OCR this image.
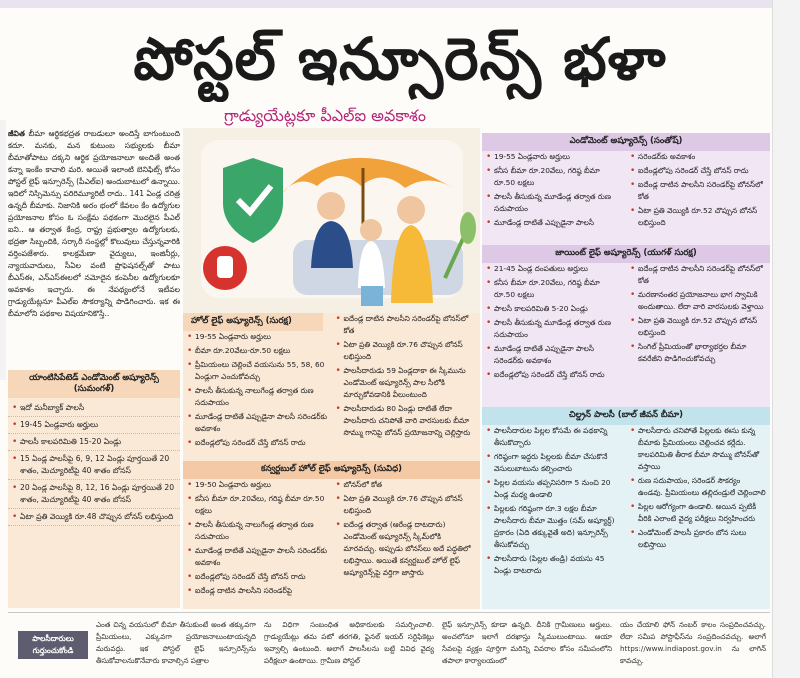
పోస్టల్ ఇన్సూరెన్స్ భళా
గ్రాడ్యుయేట్లకూ పీఎల్ఐ అవకాశం
జీవిత బీమా ఆర్థికభద్రత రాబడులూ అందిస్తే బాగుంటుంది కదూ. మనకు, మన కుటుంబ సభ్యులకు బీమా బీమాతోపాటు దక్కని ఆర్థిక ప్రయోజనాలూ అందితే అంత కన్నా ఇంకేం కావాలి మరి. అయితే ఇలాంటి బెనిఫిట్స్ కోసం పోస్టల్ లైఫ్ ఇన్సూరెన్స్ (పీఎల్ఐ) అందుబాటులో ఉన్నాయి. ఇదిలో నిస్సిమెన్సు పరిరిమ్యూరిటీ రాదు.. 141 ఏండ్ల చరిత్ర ఉన్నదీ బీమాకు. నిజానికి అరం భంలో కేవలం కేం ఉద్యోగుల ప్రయోజనాల కోసం ఓ సంక్షేమ పథకంగా మొదలైన పీఎల్ ఐని.. ఆ తర్వాత కేంద్ర, రాష్ట్ర ప్రభుత్వాల ఉద్యోగులకు, భద్రతా సిబ్బందికి, సర్కారీ సంస్థల్లో కొలువులు చేస్తున్నవారికి వర్తింపజేశారు. కాలక్రమేణా వైద్యులు, ఇంజినీర్లు, న్యాయవాదులు, సీఏల వంటి ప్రొఫెషనల్స్‌తో పాటు బీఎస్ఈ, ఎన్ఎస్ఈలలో నమోదైన కంపెనీల ఉద్యోగులకూ అవకాశం ఇచ్చారు. ఈ నేపథ్యంలోనే ఇటీవల గ్రాడ్యుయేట్లనూ పీఎల్ఐ సౌకర్యాన్ని పొడిగించారు. ఇక ఈ బీమాలోని పథకాల విషయానికొస్తే..
యాంటిసిపేటెడ్ ఎండోమెంట్ అష్యూరెన్స్ (సుమంగళ్)
• ఇదో మనీబ్యాక్ పాలసీ
• 19-45 ఏండ్లవారు అర్హులు
• పాలసీ కాలపరిమితి 15-20 ఏండ్లు
• 15 ఏండ్ల పాలసీపై 6, 9, 12 ఏండ్లు పూర్తయితే 20 శాతం, మెచ్యూరిటీపై 40 శాతం బోనస్
• 20 ఏండ్ల పాలసీపై 8, 12, 16 ఏండ్లు పూర్తయితే 20 శాతం, మెచ్యూరిటీపై 40 శాతం బోనస్
• ఏటా ప్రతి వెయ్యికి రూ.48 చొప్పున బోనస్ లభిస్తుంది
హోల్ లైఫ్ అష్యూరెన్స్ (సురక్ష)
• 19-55 ఏండ్లవారు అర్హులు
• బీమా రూ.20వేలు-రూ.50 లక్షలు
• ప్రీమియంలు చెల్లించే వయసును 55, 58, 60 ఏండ్లుగా ఎంచుకోవచ్చు
• పాలసీ తీసుకున్న నాలుగేండ్ల తర్వాత రుణ సదుపాయం
• మూడేండ్ల దాటితే ఎప్పుడైనా పాలసీ సరెండర్‌కు అవకాశం
• ఐదేండ్లలోపు సరెండర్ చేస్తే బోనస్ రాదు
• ఐదేండ్ల దాటిన పాలసీని సరెండర్‌పై బోనస్‌లో కోత
• ఏటా ప్రతి వెయ్యికి రూ.76 చొప్పున బోనస్ లభిస్తుంది
• పాలసీదారుడు 59 ఏండ్లదాకా ఈ స్కీమును ఎండోమెంట్ అష్యూరెన్స్ పాల సీలోకి మార్చుకోవడానికి వీలుంటుంది
• పాలసీదారుడు 80 ఏండ్లు దాటితే లేదా పాలసీదారు చనిపోతే వారి వారసులకు బీమా సొమ్ము గానిపై బోనస్ ప్రయోజనాన్ని చెల్లిస్తారు
కన్వర్టబుల్ హోల్ లైఫ్ అష్యూరెన్స్ (సువిధ)
• 19-50 ఏండ్లవారు అర్హులు
• కనీస బీమా రూ.20వేలు, గరిష్ఠ బీమా రూ.50 లక్షలు
• పాలసీ తీసుకున్న నాలుగేండ్ల తర్వాత రుణ సదుపాయం
• మూడేండ్ల దాటితే ఎప్పుడైనా పాలసీ సరెండర్‌కు అవకాశం
• ఐదేండ్లలోపు సరెండర్ చేస్తే బోనస్ రాదు
• ఐదేండ్ల దాటిన పాలసీని సరెండర్‌పై
• బోనస్‌లో కోత
• ఏటా ప్రతి వెయ్యికి రూ.76 చొప్పున బోనస్ లభిస్తుంది
• ఐదేండ్ల తర్వాత (ఆరేండ్ల దాటదారు) ఎండోమెంట్ అష్యూరెన్స్ స్కీమ్‌లోకి మారవచ్చు. అప్పుడు బోనస్‌లు అదే పద్ధతిలో లభిస్తాయి. అయితే కన్వర్టబుల్ హోల్ లైఫ్ అష్యూరెన్స్‌పై వర్తిగా జాస్తారు
ఎండోమెంట్ అష్యూరెన్స్ (సంతోష్)
• 19-55 ఏండ్లవారు అర్హులు
• కనీస బీమా రూ.20వేలు, గరిష్ఠ బీమా రూ.50 లక్షలు
• పాలసీ తీసుకున్న మూడేండ్ల తర్వాత రుణ సదుపాయం
• మూడేండ్ల దాటితే ఎప్పుడైనా పాలసీ
• సరెండర్‌కు అవకాశం
• ఐదేండ్లలోపు సరెండర్ చేస్తే బోనస్ రాదు
• ఐదేండ్ల దాటిన పాలసీని సరెండర్‌పై బోనస్‌లో కోత
• ఏటా ప్రతి వెయ్యికి రూ.52 చొప్పున బోనస్ లభిస్తుంది
జాయింట్ లైఫ్ అష్యూరెన్స్ (యుగళ్ సురక్ష)
• 21-45 ఏండ్ల దంపతులు అర్హులు
• కనీస బీమా రూ.20వేలు, గరిష్ఠ బీమా రూ.50 లక్షలు
• పాలసీ కాలపరిమితి 5-20 ఏండ్లు
• పాలసీ తీసుకున్న మూడేండ్ల తర్వాత రుణ సదుపాయం
• మూడేండ్ల దాటితే ఎప్పుడైనా పాలసీ సరెండర్‌కు అవకాశం
• ఐదేండ్లలోపు సరెండర్ చేస్తే బోనస్ రాదు
• ఐదేండ్ల దాటిన పాలసీని సరెండర్‌పై బోనస్‌లో కోత
• మరణానంతర ప్రయోజనాలు భాగ స్వామికి అందుతాయి. లేదా వారి వారసులకు వెళ్తాయి
• ఏటా ప్రతి వెయ్యికి రూ.52 చొప్పున బోనస్ లభిస్తుంది
• సింగిల్ ప్రీమియంతో భార్యాభర్తల బీమా కవరేజీని పొడిగించుకోవచ్చు
చిల్డ్రన్ పాలసీ (బాల్ జీవన్ బీమా)
• పాలసీదారుల పిల్లల కోసమే ఈ పథకాన్ని తీసుకొచ్చారు
• గరిష్ఠంగా ఇద్దరు పిల్లలకు బీమా చేసుకొనే వెసులుబాటును కల్పించారు
• పిల్లల వయసు తప్పనిసరిగా 5 నుంచి 20 ఏండ్ల మధ్య ఉండాలి
• పిల్లలకు గరిష్ఠంగా రూ.3 లక్షల బీమా పాలసీదారు బీమా మొత్తం (సమ్ అష్యూర్డ్) ప్రకారం (ఏది తక్కువైతే అది) ఇన్సూరెన్స్ తీసుకోవచ్చు
• పాలసీదారు (పిల్లల తండ్రి) వయసు 45 ఏండ్లు దాటరాదు
• పాలసీదారు చనిపోతే పిల్లలకు ఈసు కున్న బీమాకు ప్రీమియంలు చెల్లించవ కర్లేదు. కాలపరిమితి తీరాక బీమా సొమ్ము బోనస్‌తో వస్తాయి
• రుణ సదుపాయం, సరెండర్ సౌకర్యం ఉండవు. ప్రీమియంలు తల్లిదండ్రులే చెల్లించాలి
• పిల్లల ఆరోగ్యంగా ఉండాలి. అయిన ప్పటికీ వీరికి ఎలాంటి వైద్య పరీక్షలు నిర్వహించరు
• ఎండోమెంట్ పాలసీ ప్రకారం బోన సులు లభిస్తాయి
పాలసీదారులు గుర్తుంచుకోండి
ఎంత చిన్న వయసులో బీమా తీసుకుంటే అంత తక్కువగా ప్రీమియంలు, ఎక్కువగా ప్రయోజనాలుంటాయన్నది మరువద్దు. ఇక పోస్టల్ లైఫ్ ఇన్సూరెన్స్‌ను తీసుకోవాలనుకొనేవారు కావాల్సిన పత్రాల
ను విధిగా సంబంధిత అధికారులకు సమర్పించాలి. గ్రాడ్యుయేట్లు తమ పటో తరగతి, ఫైనల్ ఇయర్ సర్టిఫికెట్లు ఇవ్వాల్సి ఉంటుంది. అలాగే పాలసీలను బట్టి వివిధ వైద్య పరీక్షలూ ఉంటాయి. గ్రామీణ పోస్టల్
లైఫ్ ఇన్సూరెన్స్ కూడా ఉన్నది. దీనికి గ్రామీణులు అర్హులు. అంచలోనూ ఇలాగే దరఖాస్తు స్కీములుంటాయి. ఆయా సేవలపై వ్యక్తం పూర్తిగా మరిన్ని వివరాల కోసం సమీపంలోని తపాలా కార్యాలయంలో
యం చేయాలి ఫోన్ నంబర్ కాలం సంప్రదించవచ్చు. లేదా సమీప పోస్టాఫీస్‌ను సంప్రదించవచ్చు. అలాగే https://www.indiapost.gov.in ను లాగిన్ కావచ్చు.
